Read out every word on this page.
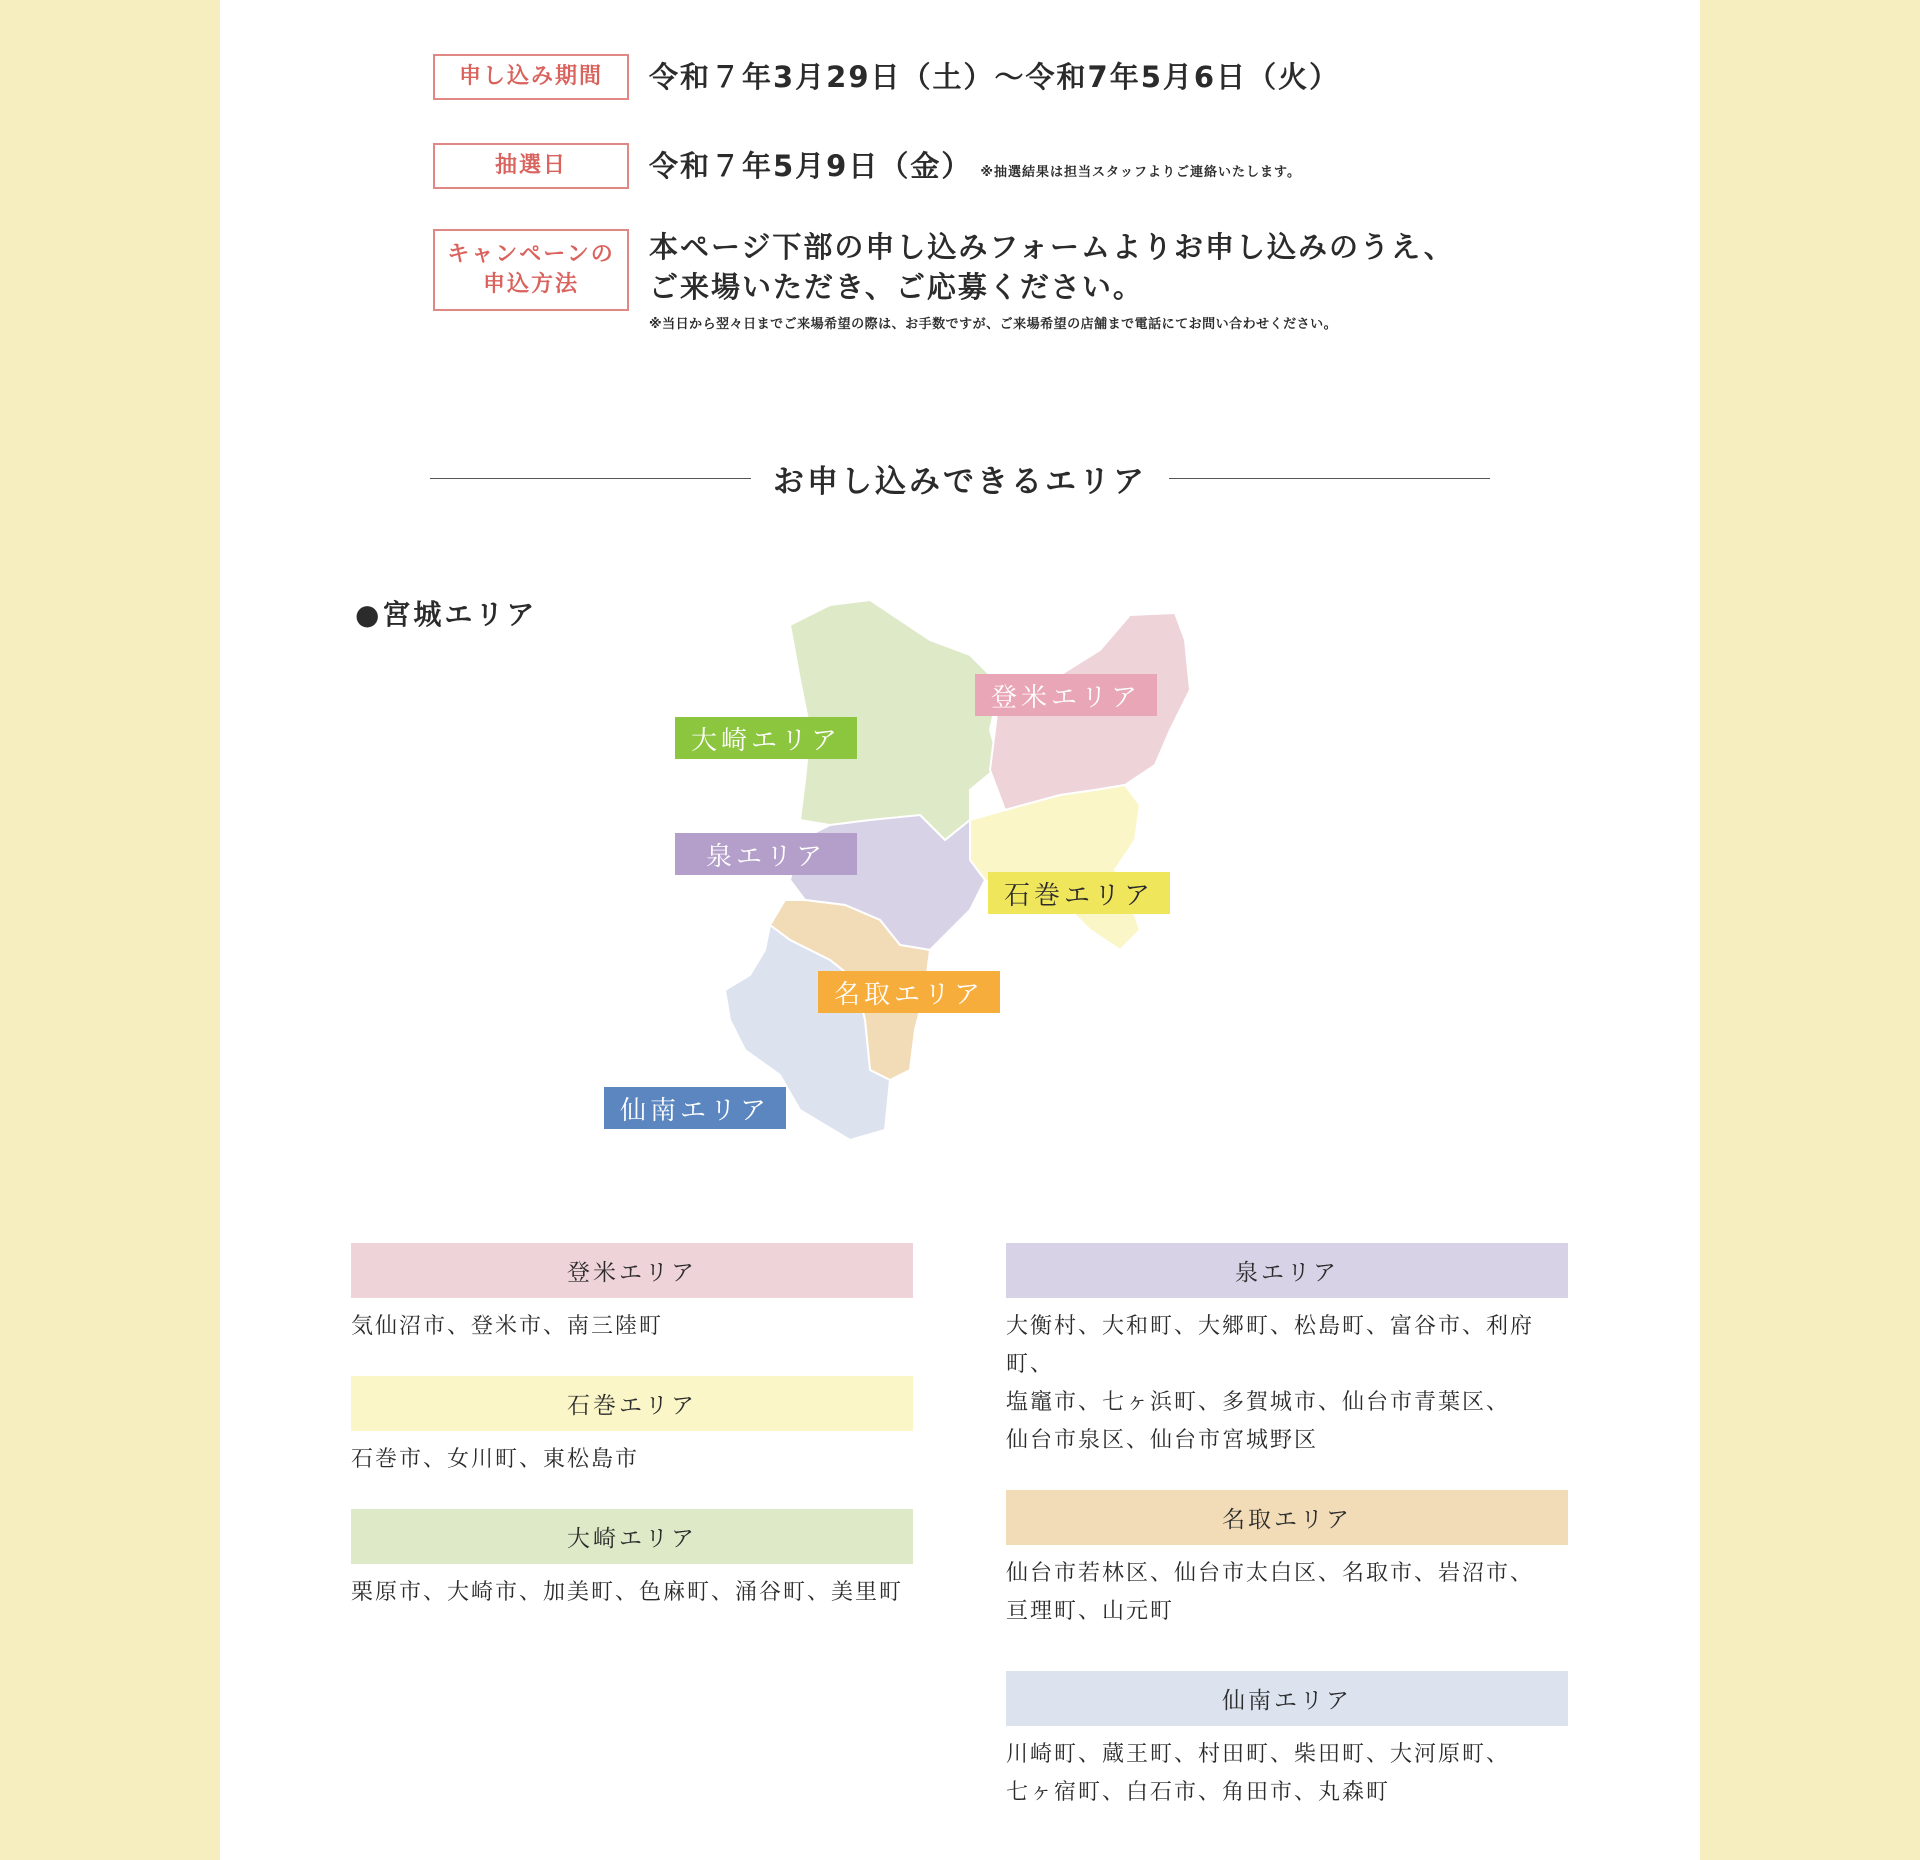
申し込み期間	令和７年3月29日（土）～令和7年5月6日（火）
抽選日	令和７年5月9日（金） ※抽選結果は担当スタッフよりご連絡いたします。
キャンペーンの
申込方法
本ページ下部の申し込みフォームよりお申し込みのうえ、
ご来場いただき、ご応募ください。
※当日から翌々日までご来場希望の際は、お手数ですが、ご来場希望の店舗まで電話にてお問い合わせください。
お申し込みできるエリア
●宮城エリア
登米エリア
大崎エリア
泉エリア
石巻エリア
名取エリア
仙南エリア
登米エリア
気仙沼市、登米市、南三陸町
石巻エリア
石巻市、女川町、東松島市
大崎エリア
栗原市、大崎市、加美町、色麻町、涌谷町、美里町
泉エリア
大衡村、大和町、大郷町、松島町、富谷市、利府町、
塩竈市、七ヶ浜町、多賀城市、仙台市青葉区、
仙台市泉区、仙台市宮城野区
名取エリア
仙台市若林区、仙台市太白区、名取市、岩沼市、
亘理町、山元町
仙南エリア
川崎町、蔵王町、村田町、柴田町、大河原町、
七ヶ宿町、白石市、角田市、丸森町
